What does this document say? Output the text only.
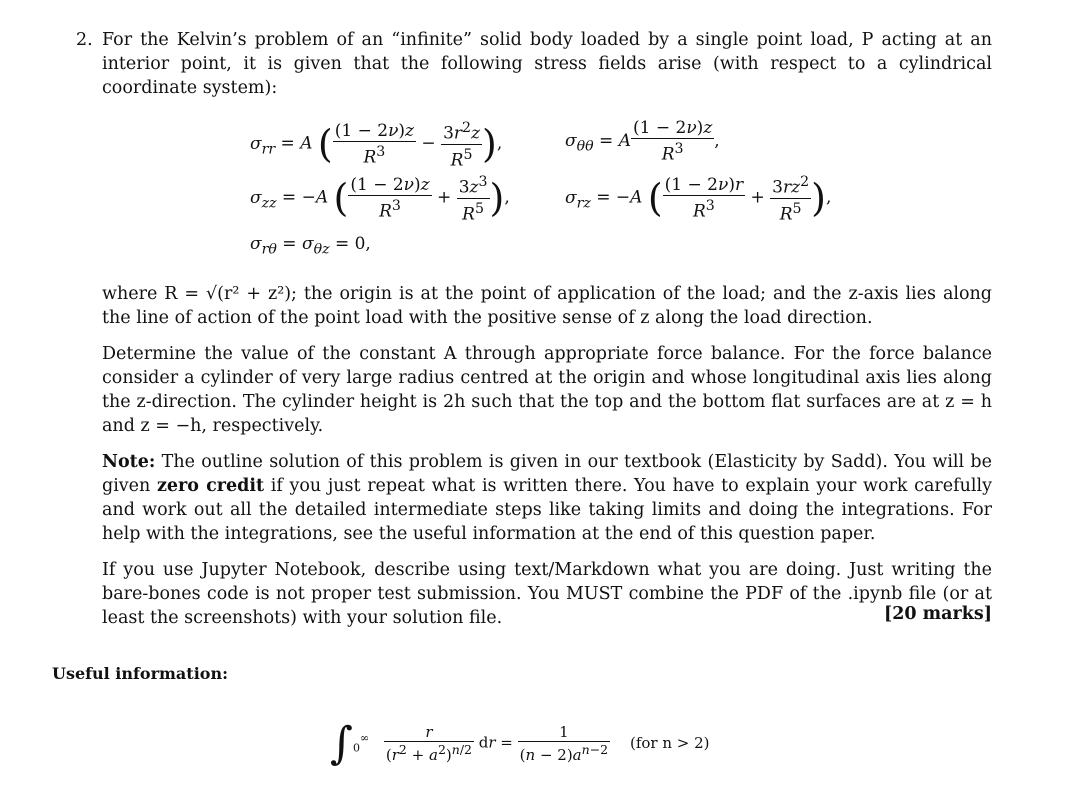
2. For the Kelvin’s problem of an “infinite” solid body loaded by a single point load, P acting at an interior point, it is given that the following stress fields arise (with respect to a cylindrical coordinate system):
$\sigma_{rr} = A$ ( $\frac{(1 - 2\nu)z}{R^3} - \frac{3r^2z}{R^5}$ ),	$\sigma_{\theta\theta} = A \frac{(1 - 2\nu)z}{R^3}$ ,
$\sigma_{zz} = -A$ ( $\frac{(1 - 2\nu)z}{R^3} + \frac{3z^3}{R^5}$ ),	$\sigma_{rz} = -A$ ( $\frac{(1 - 2\nu)r}{R^3} + \frac{3rz^2}{R^5}$ ),
$\sigma_{r\theta} = \sigma_{\theta z} = 0$,
where R = √(r² + z²); the origin is at the point of application of the load; and the z-axis lies along the line of action of the point load with the positive sense of z along the load direction.
Determine the value of the constant A through appropriate force balance. For the force balance consider a cylinder of very large radius centred at the origin and whose longitudinal axis lies along the z-direction. The cylinder height is 2h such that the top and the bottom flat surfaces are at z = h and z = −h, respectively.
Note: The outline solution of this problem is given in our textbook (Elasticity by Sadd). You will be given zero credit if you just repeat what is written there. You have to explain your work carefully and work out all the detailed intermediate steps like taking limits and doing the integrations. For help with the integrations, see the useful information at the end of this question paper.
If you use Jupyter Notebook, describe using text/Markdown what you are doing. Just writing the bare-bones code is not proper test submission. You MUST combine the PDF of the .ipynb file (or at least the screenshots) with your solution file.	[20 marks]
Useful information:
$\int_0^\infty \frac{r}{(r^2 + a^2)^{n/2}}$ dr = $\frac{1}{(n - 2)a^{n-2}} (for$ n > 2)
